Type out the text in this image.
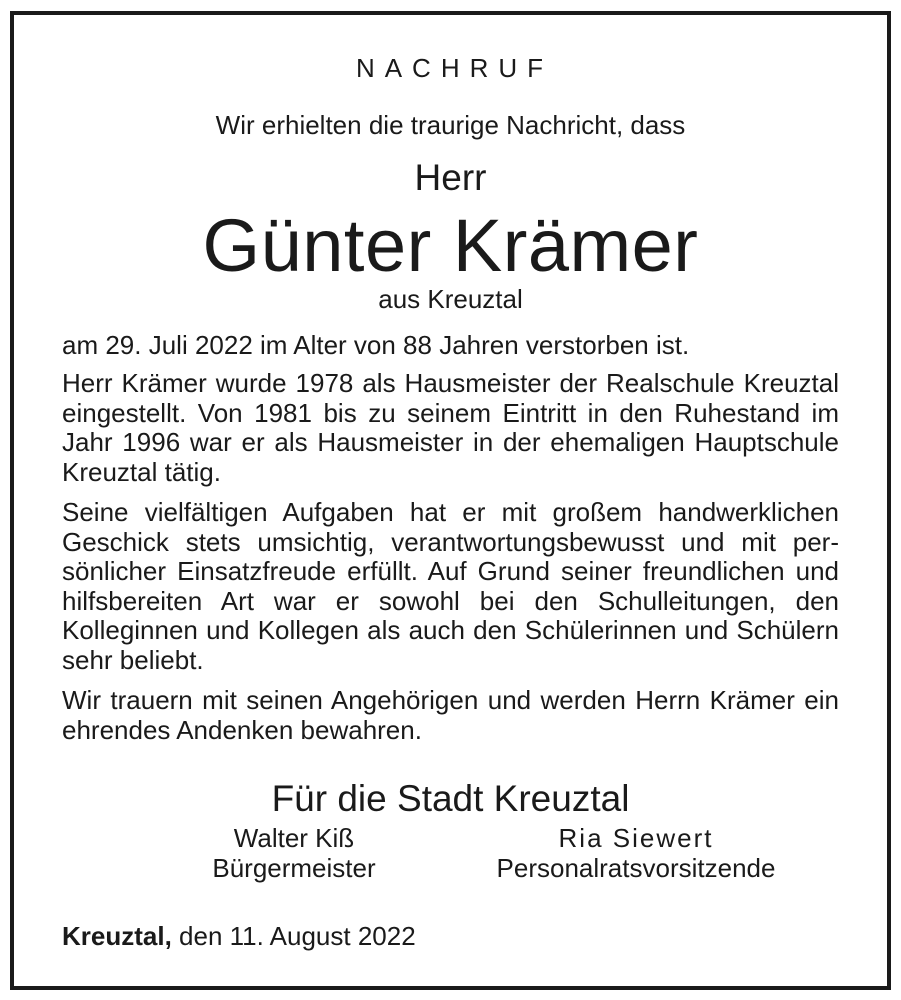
NACHRUF

Wir erhielten die traurige Nachricht, dass

Herr

Günter Krämer

aus Kreuztal

am 29. Juli 2022 im Alter von 88 Jahren verstorben ist.

Herr Krämer wurde 1978 als Hausmeister der Realschule Kreuztal eingestellt. Von 1981 bis zu seinem Eintritt in den Ruhestand im Jahr 1996 war er als Hausmeister in der ehemaligen Hauptschule Kreuztal tätig.

Seine vielfältigen Aufgaben hat er mit großem handwerklichen Geschick stets umsichtig, verantwortungsbewusst und mit persönlicher Einsatzfreude erfüllt. Auf Grund seiner freundlichen und hilfsbereiten Art war er sowohl bei den Schulleitungen, den Kolleginnen und Kollegen als auch den Schülerinnen und Schülern sehr beliebt.

Wir trauern mit seinen Angehörigen und werden Herrn Krämer ein ehrendes Andenken bewahren.

Für die Stadt Kreuztal

Walter Kiß
Bürgermeister
Ria Siewert
Personalratsvorsitzende

Kreuztal, den 11. August 2022
